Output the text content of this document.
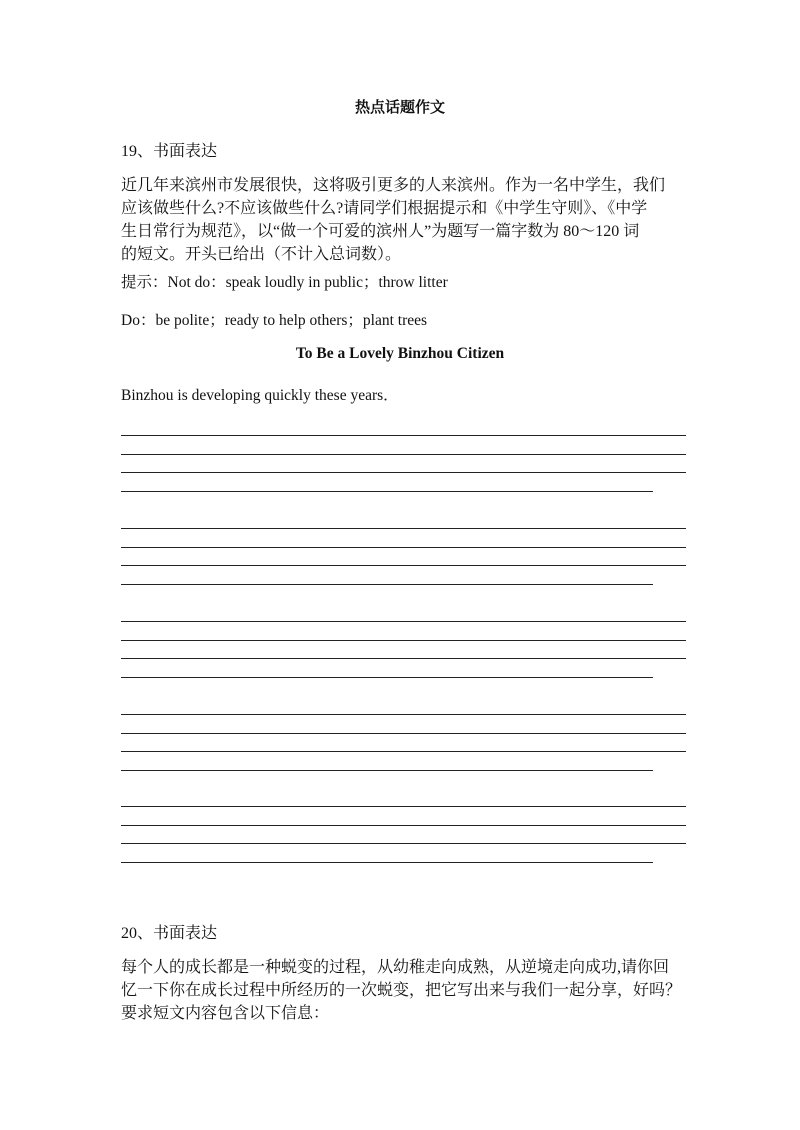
热点话题作文
19、书面表达
近几年来滨州市发展很快，这将吸引更多的人来滨州。作为一名中学生，我们
应该做些什么?不应该做些什么?请同学们根据提示和《中学生守则》、《中学
生日常行为规范》，以“做一个可爱的滨州人”为题写一篇字数为 80～120 词
的短文。开头已给出（不计入总词数）。
提示：Not do：speak loudly in public；throw litter
Do：be polite；ready to help others；plant trees
To Be a Lovely Binzhou Citizen
Binzhou is developing quickly these years．
20、书面表达
每个人的成长都是一种蜕变的过程，从幼稚走向成熟，从逆境走向成功,请你回
忆一下你在成长过程中所经历的一次蜕变，把它写出来与我们一起分享，好吗？
要求短文内容包含以下信息：
